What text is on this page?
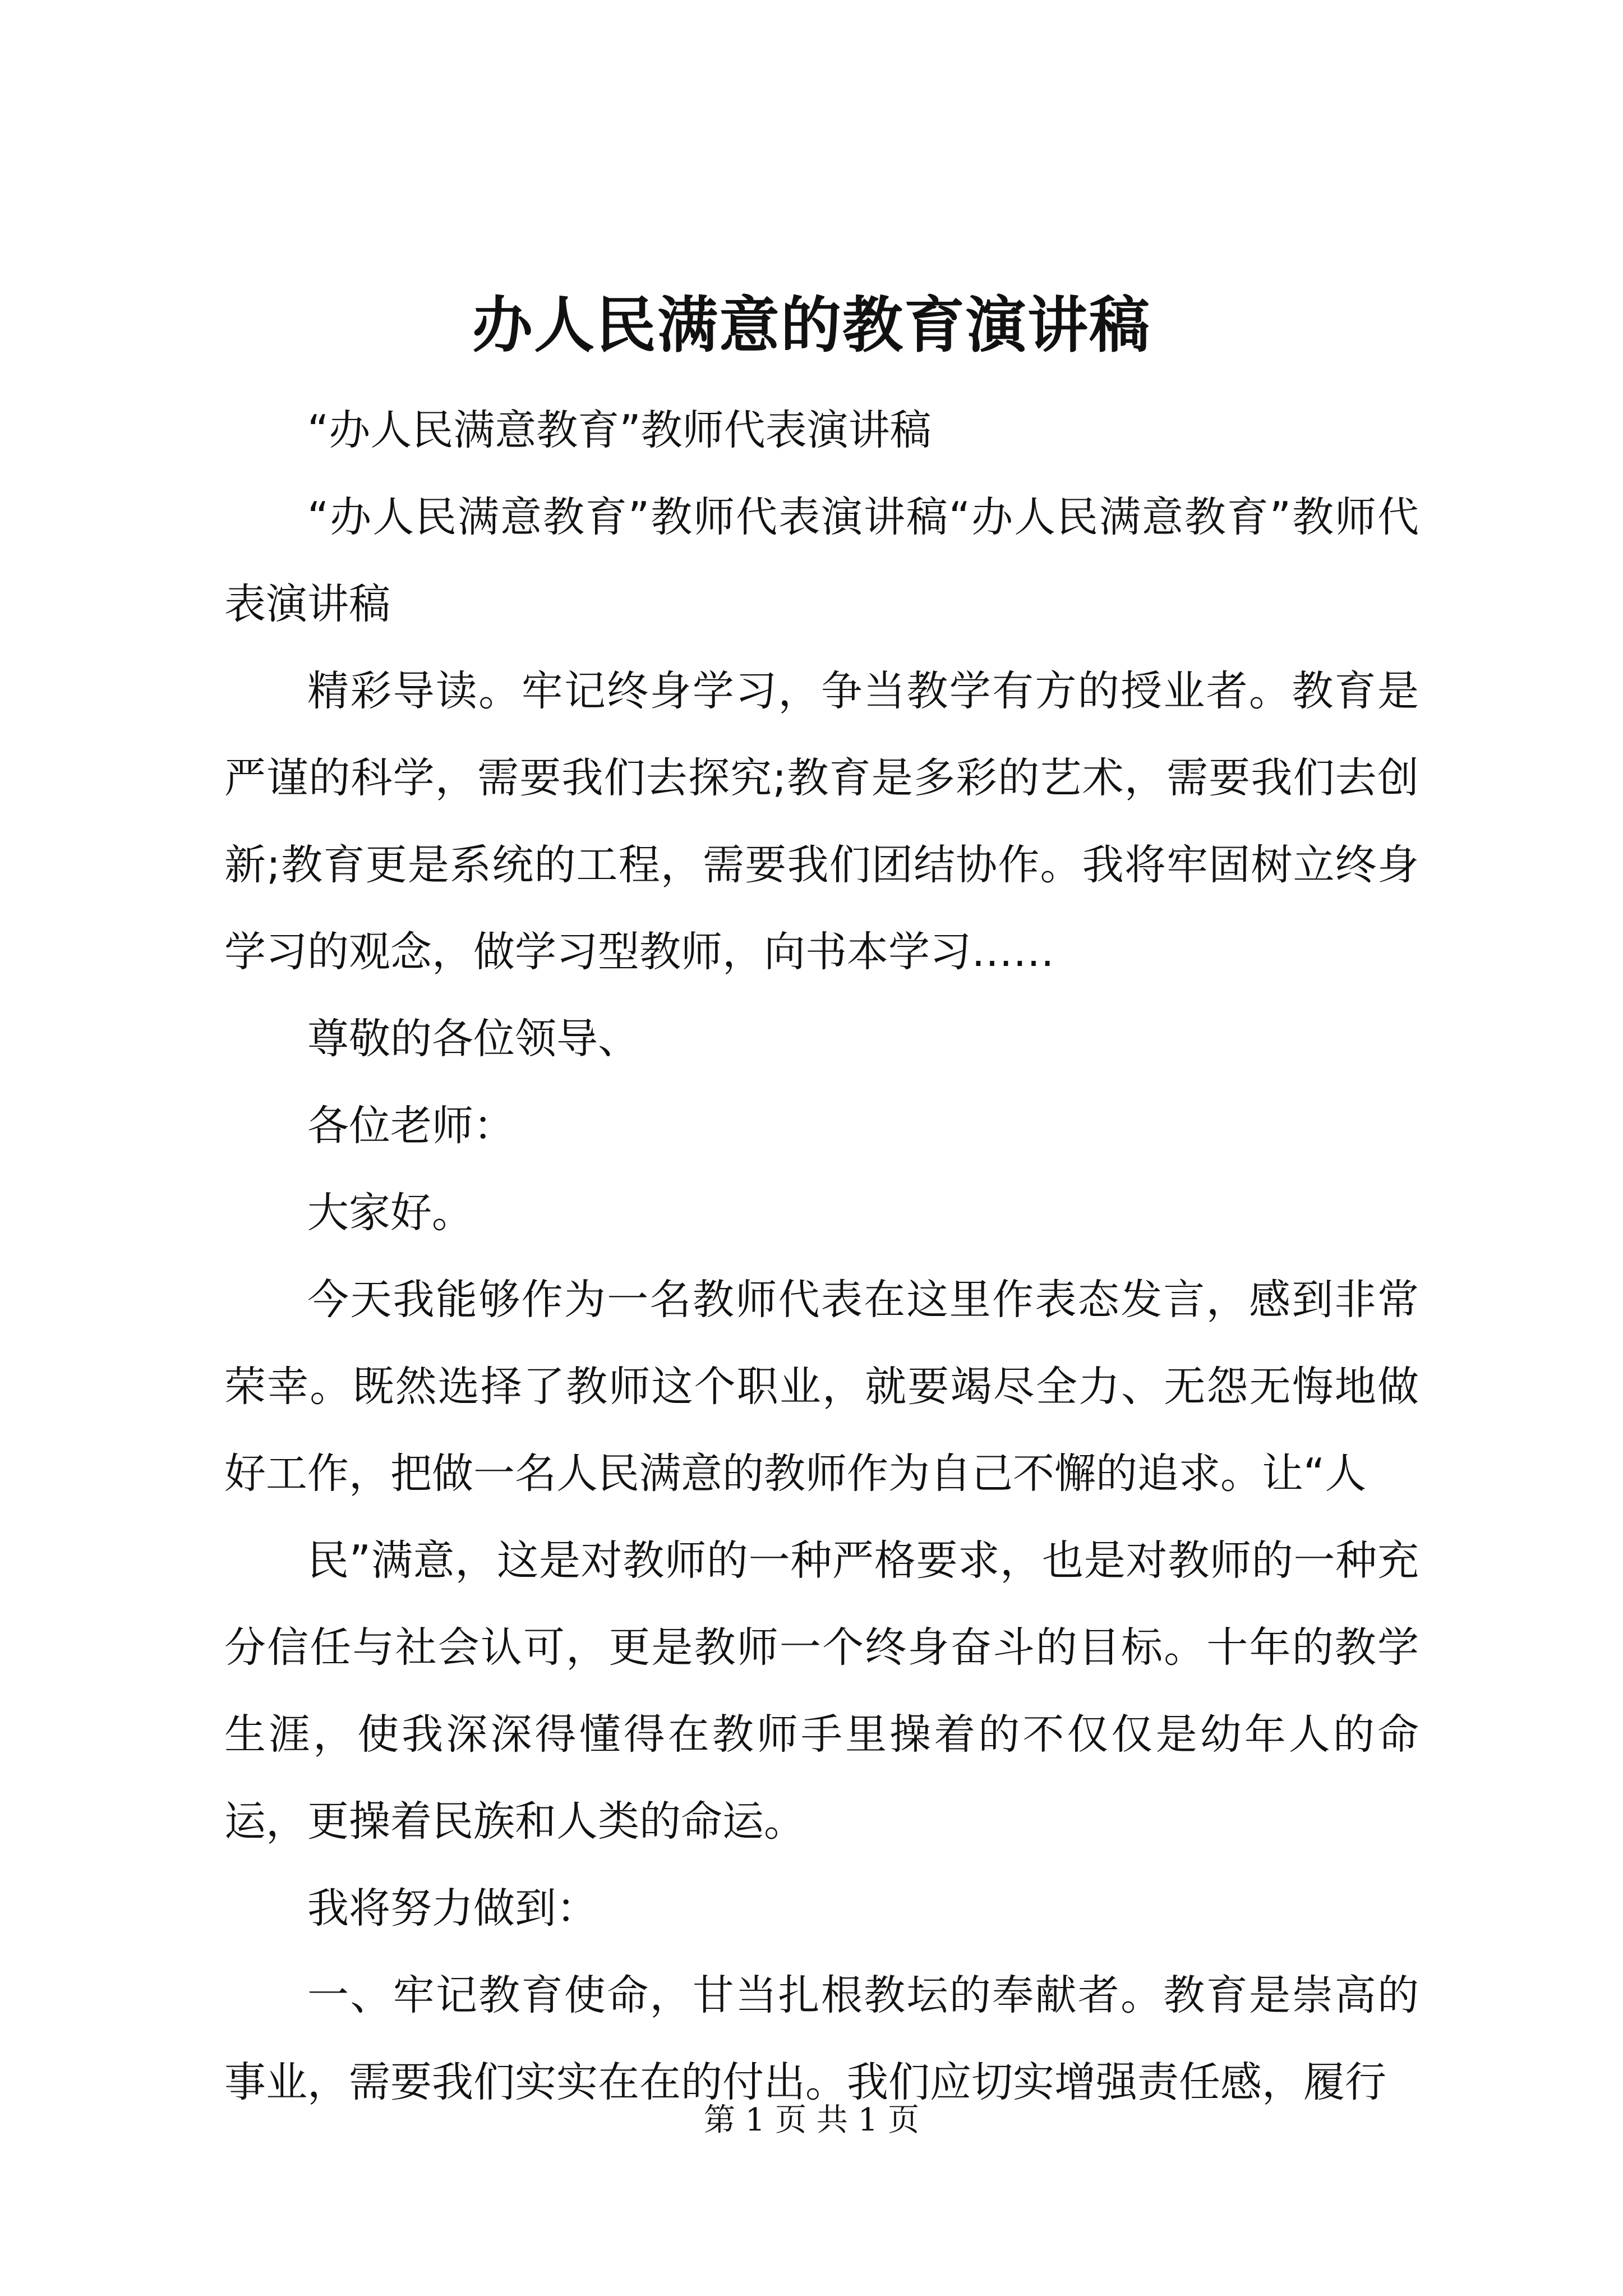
办人民满意的教育演讲稿

“办人民满意教育”教师代表演讲稿

“办人民满意教育”教师代表演讲稿“办人民满意教育”教师代表演讲稿

精彩导读。牢记终身学习，争当教学有方的授业者。教育是严谨的科学，需要我们去探究;教育是多彩的艺术，需要我们去创新;教育更是系统的工程，需要我们团结协作。我将牢固树立终身学习的观念，做学习型教师，向书本学习……

尊敬的各位领导、

各位老师：

大家好。

今天我能够作为一名教师代表在这里作表态发言，感到非常荣幸。既然选择了教师这个职业，就要竭尽全力、无怨无悔地做好工作，把做一名人民满意的教师作为自己不懈的追求。让“人

民”满意，这是对教师的一种严格要求，也是对教师的一种充分信任与社会认可，更是教师一个终身奋斗的目标。十年的教学生涯，使我深深得懂得在教师手里操着的不仅仅是幼年人的命运，更操着民族和人类的命运。

我将努力做到：

一、牢记教育使命，甘当扎根教坛的奉献者。教育是崇高的事业，需要我们实实在在的付出。我们应切实增强责任感，履行

第 1 页 共 1 页
